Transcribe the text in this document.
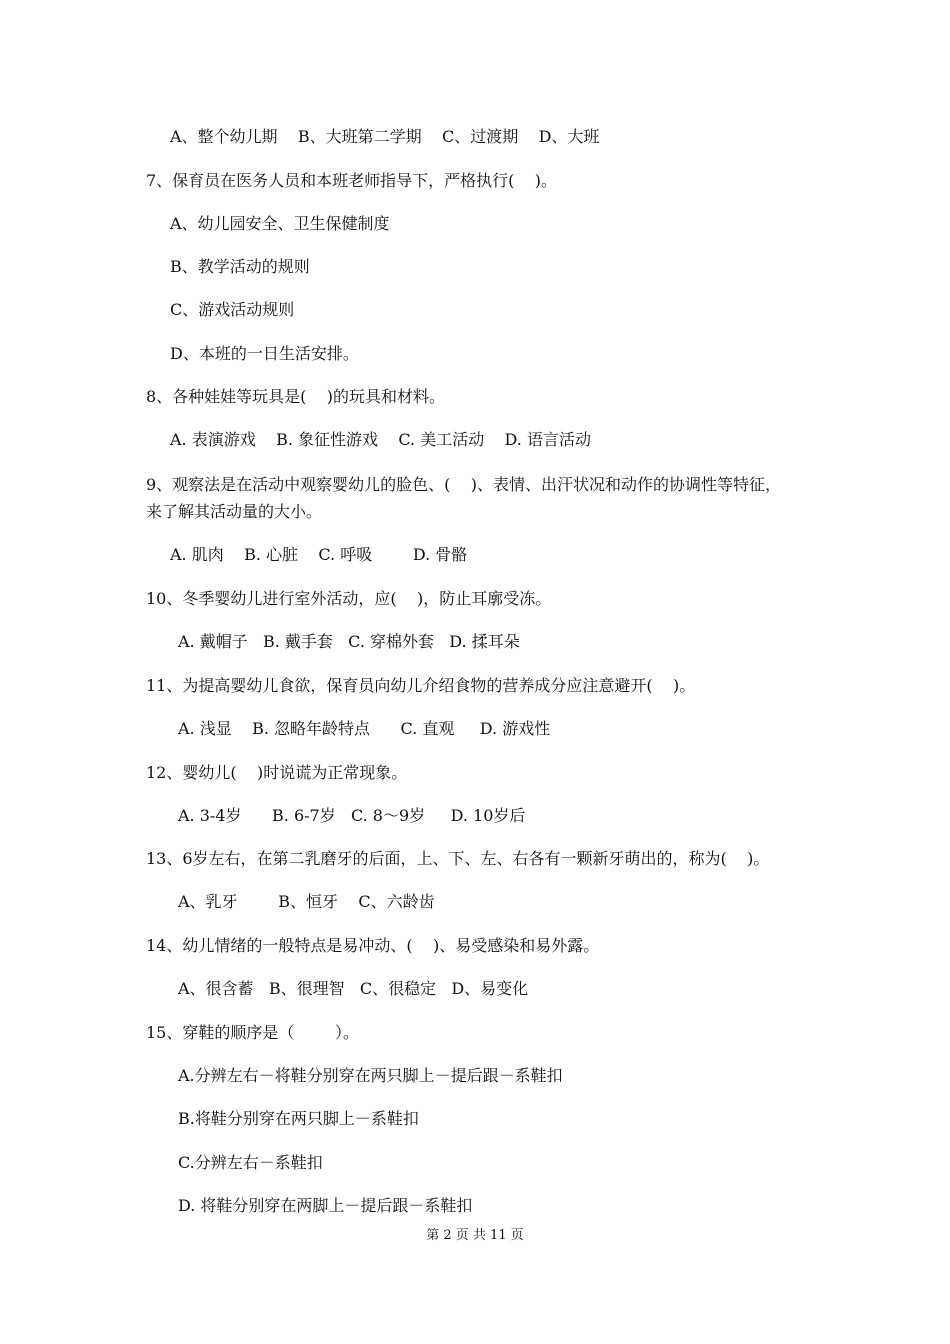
A、整个幼儿期    B、大班第二学期    C、过渡期    D、大班
7、保育员在医务人员和本班老师指导下，严格执行(    )。
A、幼儿园安全、卫生保健制度
B、教学活动的规则
C、游戏活动规则
D、本班的一日生活安排。
8、各种娃娃等玩具是(    )的玩具和材料。
A. 表演游戏    B. 象征性游戏    C. 美工活动    D. 语言活动
9、观察法是在活动中观察婴幼儿的脸色、(    )、表情、出汗状况和动作的协调性等特征，
来了解其活动量的大小。
A. 肌肉    B. 心脏    C. 呼吸        D. 骨骼
10、冬季婴幼儿进行室外活动，应(    )，防止耳廓受冻。
A. 戴帽子   B. 戴手套   C. 穿棉外套   D. 揉耳朵
11、为提高婴幼儿食欲，保育员向幼儿介绍食物的营养成分应注意避开(    )。
A. 浅显    B. 忽略年龄特点      C. 直观     D. 游戏性
12、婴幼儿(    )时说谎为正常现象。
A. 3-4岁      B. 6-7岁   C. 8～9岁     D. 10岁后
13、6岁左右，在第二乳磨牙的后面，上、下、左、右各有一颗新牙萌出的，称为(    )。
A、乳牙        B、恒牙    C、六龄齿
14、幼儿情绪的一般特点是易冲动、(    )、易受感染和易外露。
A、很含蓄   B、很理智   C、很稳定   D、易变化
15、穿鞋的顺序是（        ）。
A.分辨左右－将鞋分别穿在两只脚上－提后跟－系鞋扣
B.将鞋分别穿在两只脚上－系鞋扣
C.分辨左右－系鞋扣
D. 将鞋分别穿在两脚上－提后跟－系鞋扣
第 2 页 共 11 页
